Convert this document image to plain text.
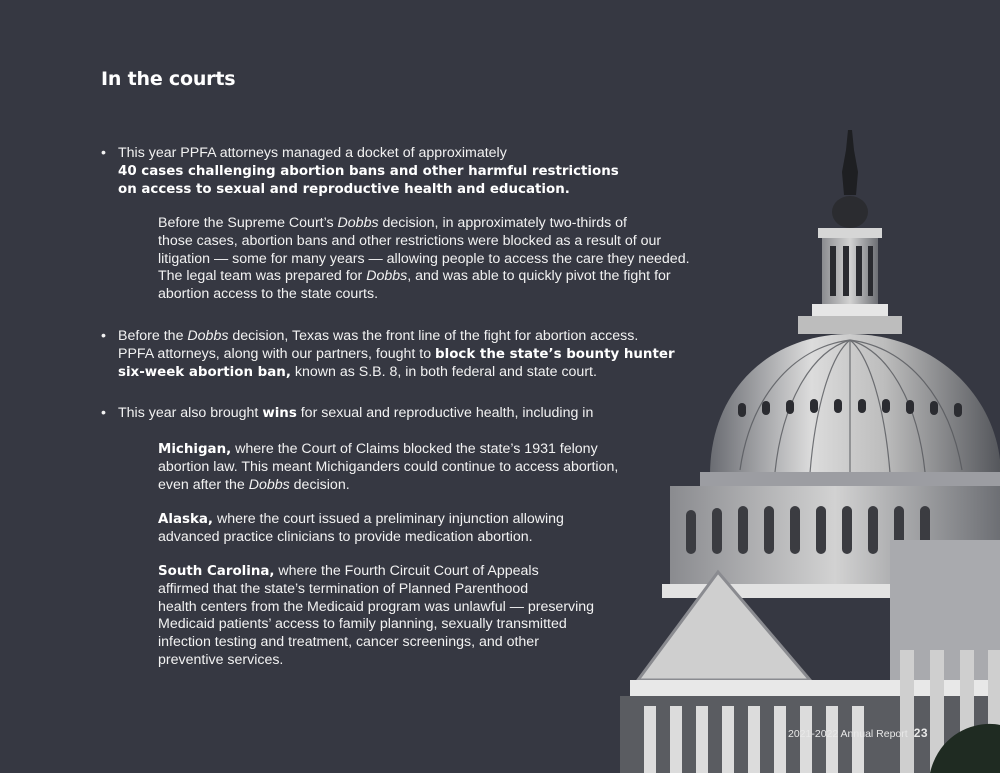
In the courts
• This year PPFA attorneys managed a docket of approximately
40 cases challenging abortion bans and other harmful restrictions
on access to sexual and reproductive health and education.
Before the Supreme Court’s Dobbs decision, in approximately two-thirds of
those cases, abortion bans and other restrictions were blocked as a result of our
litigation — some for many years — allowing people to access the care they needed.
The legal team was prepared for Dobbs, and was able to quickly pivot the fight for
abortion access to the state courts.
• Before the Dobbs decision, Texas was the front line of the fight for abortion access.
PPFA attorneys, along with our partners, fought to block the state’s bounty hunter
six-week abortion ban, known as S.B. 8, in both federal and state court.
• This year also brought wins for sexual and reproductive health, including in
Michigan, where the Court of Claims blocked the state’s 1931 felony
abortion law. This meant Michiganders could continue to access abortion,
even after the Dobbs decision.
Alaska, where the court issued a preliminary injunction allowing
advanced practice clinicians to provide medication abortion.
South Carolina, where the Fourth Circuit Court of Appeals
affirmed that the state’s termination of Planned Parenthood
health centers from the Medicaid program was unlawful — preserving
Medicaid patients’ access to family planning, sexually transmitted
infection testing and treatment, cancer screenings, and other
preventive services.
2021-2022 Annual Report 23
